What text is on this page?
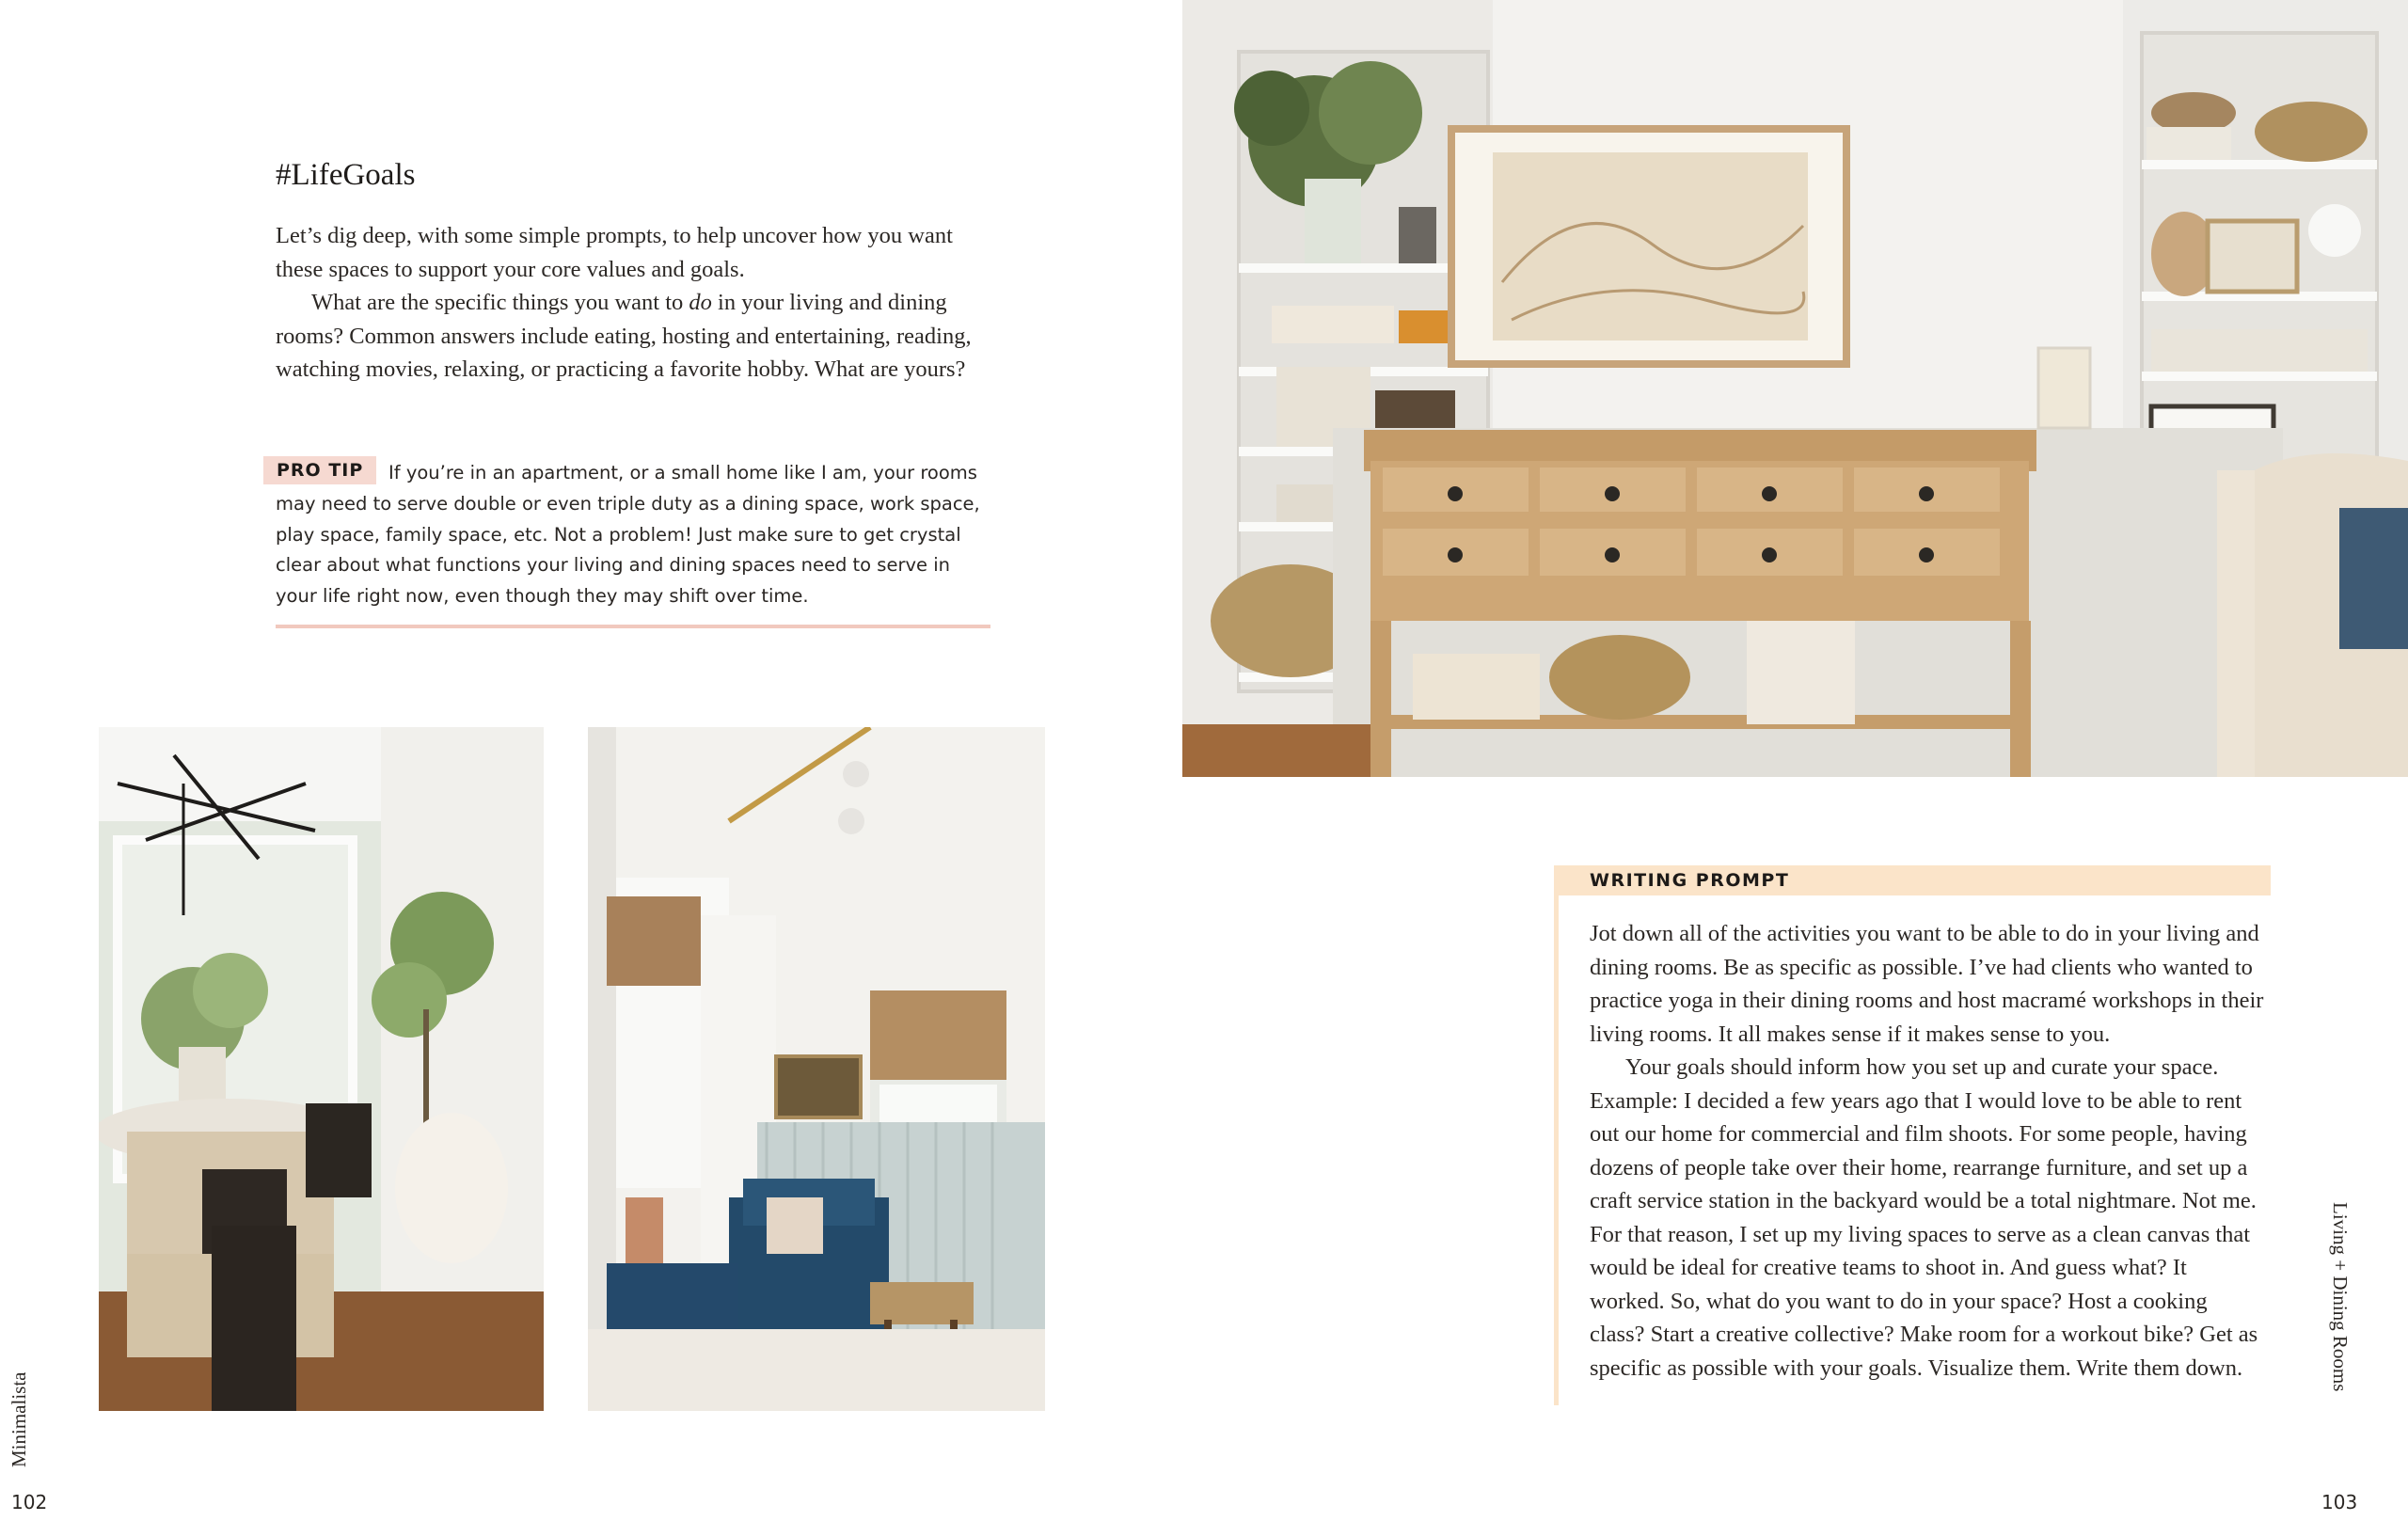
#LifeGoals

Let’s dig deep, with some simple prompts, to help uncover how you want these spaces to support your core values and goals.

What are the specific things you want to do in your living and dining rooms? Common answers include eating, hosting and entertaining, reading, watching movies, relaxing, or practicing a favorite hobby. What are yours?

If you’re in an apartment, or a small home like I am, your rooms may need to serve double or even triple duty as a dining space, work space, play space, family space, etc. Not a problem! Just make sure to get crystal clear about what functions your living and dining spaces need to serve in your life right now, even though they may shift over time.
PRO TIP
WRITING PROMPT

Jot down all of the activities you want to be able to do in your living and dining rooms. Be as specific as possible. I’ve had clients who wanted to practice yoga in their dining rooms and host macramé workshops in their living rooms. It all makes sense if it makes sense to you.

Your goals should inform how you set up and curate your space. Example: I decided a few years ago that I would love to be able to rent out our home for commercial and film shoots. For some people, having dozens of people take over their home, rearrange furniture, and set up a craft service station in the backyard would be a total nightmare. Not me. For that reason, I set up my living spaces to serve as a clean canvas that would be ideal for creative teams to shoot in. And guess what? It worked. So, what do you want to do in your space? Host a cooking class? Start a creative collective? Make room for a workout bike? Get as specific as possible with your goals. Visualize them. Write them down.

Minimalista
Living + Dining Rooms
102	103
